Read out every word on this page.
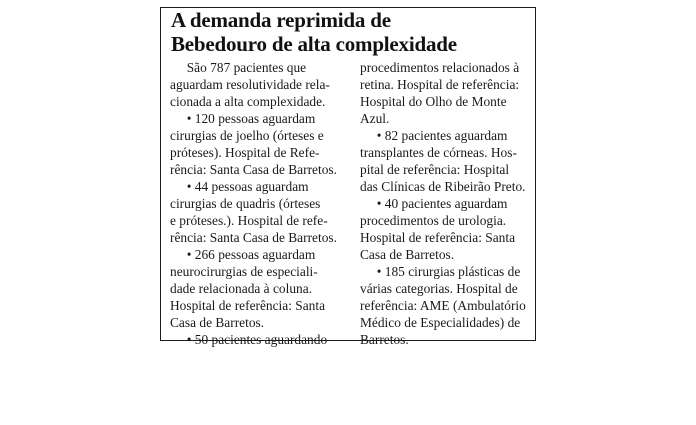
A demanda reprimida de
Bebedouro de alta complexidade
São 787 pacientes que
aguardam resolutividade rela-
cionada a alta complexidade.
• 120 pessoas aguardam
cirurgias de joelho (órteses e
próteses). Hospital de Refe-
rência: Santa Casa de Barretos.
• 44 pessoas aguardam
cirurgias de quadris (órteses
e próteses.). Hospital de refe-
rência: Santa Casa de Barretos.
• 266 pessoas aguardam
neurocirurgias de especiali-
dade relacionada à coluna.
Hospital de referência: Santa
Casa de Barretos.
• 50 pacientes aguardando
procedimentos relacionados à
retina. Hospital de referência:
Hospital do Olho de Monte
Azul.
• 82 pacientes aguardam
transplantes de córneas. Hos-
pital de referência: Hospital
das Clínicas de Ribeirão Preto.
• 40 pacientes aguardam
procedimentos de urologia.
Hospital de referência: Santa
Casa de Barretos.
• 185 cirurgias plásticas de
várias categorias. Hospital de
referência: AME (Ambulatório
Médico de Especialidades) de
Barretos.
